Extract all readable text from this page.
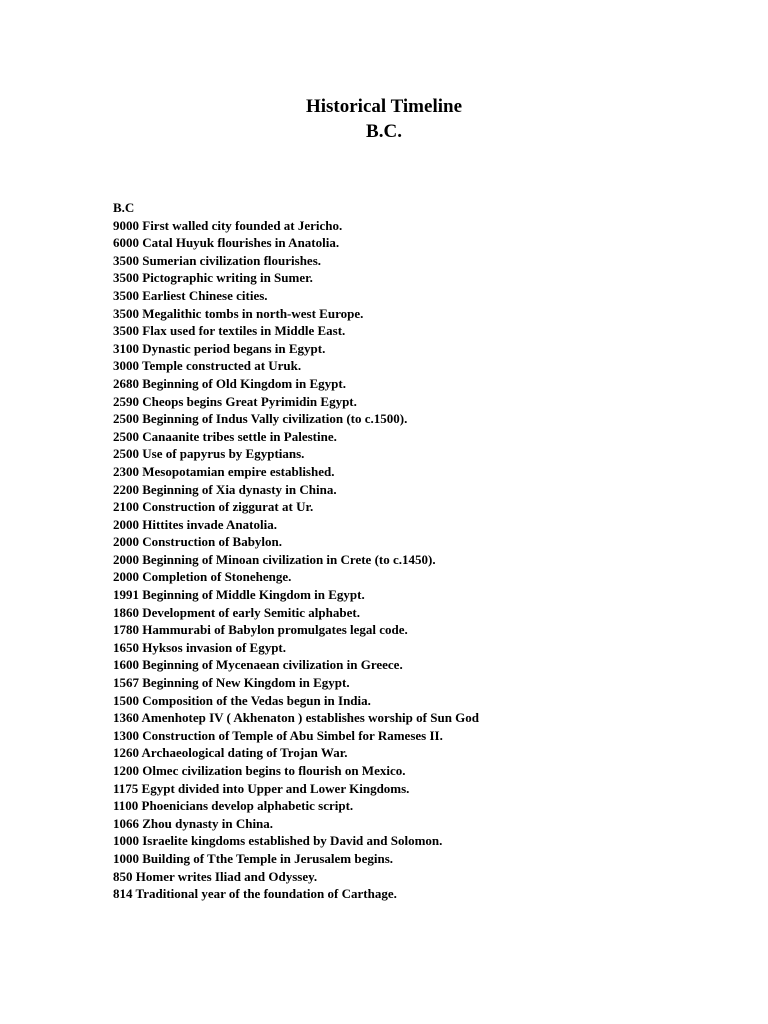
Historical Timeline
B.C.
B.C
9000 First walled city founded at Jericho.
6000 Catal Huyuk flourishes in Anatolia.
3500 Sumerian civilization flourishes.
3500 Pictographic writing in Sumer.
3500 Earliest Chinese cities.
3500 Megalithic tombs in north-west Europe.
3500 Flax used for textiles in Middle East.
3100 Dynastic period begans in Egypt.
3000 Temple constructed at Uruk.
2680 Beginning of Old Kingdom in Egypt.
2590 Cheops begins Great Pyrimidin Egypt.
2500 Beginning of Indus Vally civilization (to c.1500).
2500 Canaanite tribes settle in Palestine.
2500 Use of papyrus by Egyptians.
2300 Mesopotamian empire established.
2200 Beginning of Xia dynasty in China.
2100 Construction of ziggurat at Ur.
2000 Hittites invade Anatolia.
2000 Construction of Babylon.
2000 Beginning of Minoan civilization in Crete (to c.1450).
2000 Completion of Stonehenge.
1991 Beginning of Middle Kingdom in Egypt.
1860 Development of early Semitic alphabet.
1780 Hammurabi of Babylon promulgates legal code.
1650 Hyksos invasion of Egypt.
1600 Beginning of Mycenaean civilization in Greece.
1567 Beginning of New Kingdom in Egypt.
1500 Composition of the Vedas begun in India.
1360 Amenhotep IV ( Akhenaton ) establishes worship of Sun God
1300 Construction of Temple of Abu Simbel for Rameses II.
1260 Archaeological dating of Trojan War.
1200 Olmec civilization begins to flourish on Mexico.
1175 Egypt divided into Upper and Lower Kingdoms.
1100 Phoenicians develop alphabetic script.
1066 Zhou dynasty in China.
1000 Israelite kingdoms established by David and Solomon.
1000 Building of Tthe Temple in Jerusalem begins.
850 Homer writes Iliad and Odyssey.
814 Traditional year of the foundation of Carthage.
